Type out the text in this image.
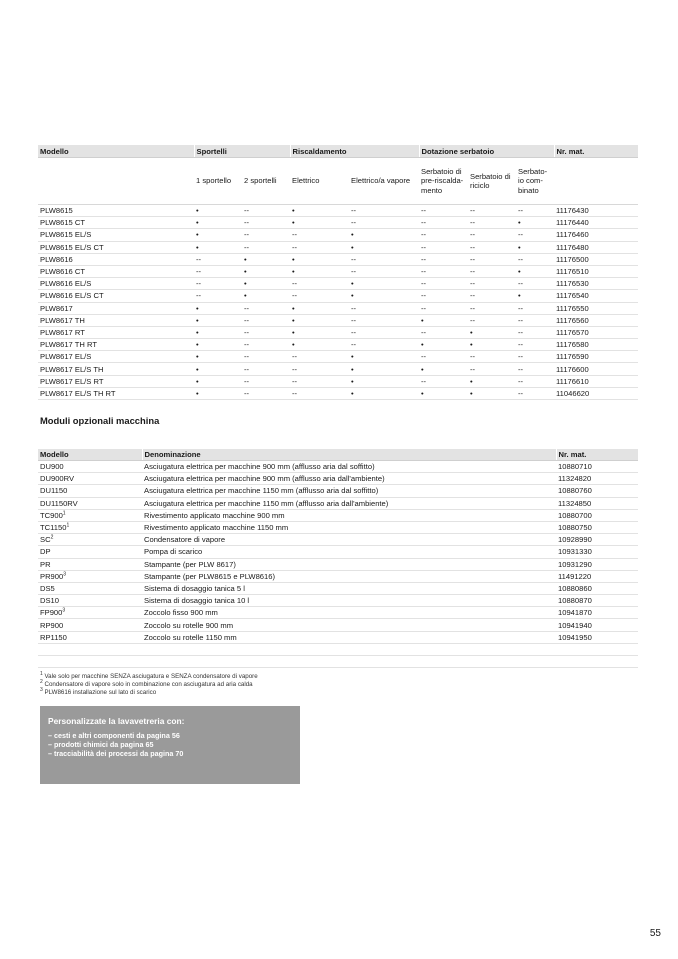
Modello	Sportelli		Riscaldamento		Dotazione serbatoio			Nr. mat.
	1 sportello	2 sportelli	Elettrico	Elettrico/a vapore	Serbatoio di pre-riscalda-mento	Serbatoio di riciclo	Serbato-io com-binato	
PLW8615	•	--	•	--	--	--	--	11176430
PLW8615 CT	•	--	•	--	--	--	•	11176440
PLW8615 EL/S	•	--	--	•	--	--	--	11176460
PLW8615 EL/S CT	•	--	--	•	--	--	•	11176480
PLW8616	--	•	•	--	--	--	--	11176500
PLW8616 CT	--	•	•	--	--	--	•	11176510
PLW8616 EL/S	--	•	--	•	--	--	--	11176530
PLW8616 EL/S CT	--	•	--	•	--	--	•	11176540
PLW8617	•	--	•	--	--	--	--	11176550
PLW8617 TH	•	--	•	--	•	--	--	11176560
PLW8617 RT	•	--	•	--	--	•	--	11176570
PLW8617 TH RT	•	--	•	--	•	•	--	11176580
PLW8617 EL/S	•	--	--	•	--	--	--	11176590
PLW8617 EL/S TH	•	--	--	•	•	--	--	11176600
PLW8617 EL/S RT	•	--	--	•	--	•	--	11176610
PLW8617 EL/S TH RT	•	--	--	•	•	•	--	11046620
Moduli opzionali macchina
Modello	Denominazione	Nr. mat.
DU900	Asciugatura elettrica per macchine 900 mm (afflusso aria dal soffitto)	10880710
DU900RV	Asciugatura elettrica per macchine 900 mm (afflusso aria dall'ambiente)	11324820
DU1150	Asciugatura elettrica per macchine 1150 mm (afflusso aria dal soffitto)	10880760
DU1150RV	Asciugatura elettrica per macchine 1150 mm (afflusso aria dall'ambiente)	11324850
$TC900^1$	Rivestimento applicato macchine 900 mm	10880700
TC1150$^1$	Rivestimento applicato macchine 1150 mm	10880750
$SC^2$	Condensatore di vapore	10928990
DP	Pompa di scarico	10931330
PR	Stampante (per PLW 8617)	10931290
$PR900^3$	Stampante (per PLW8615 e PLW8616)	11491220
DS5	Sistema di dosaggio tanica 5 l	10880860
DS10	Sistema di dosaggio tanica 10 l	10880870
$FP900^3$	Zoccolo fisso 900 mm	10941870
RP900	Zoccolo su rotelle 900 mm	10941940
RP1150	Zoccolo su rotelle 1150 mm	10941950

$^1$ Vale solo per macchine SENZA asciugatura e SENZA condensatore di vapore
$^2$ Condensatore di vapore solo in combinazione con asciugatura ad aria calda
$^3$ PLW8616 installazione sul lato di scarico
Personalizzate la lavavetreria con:
– cesti e altri componenti da pagina 56
– prodotti chimici da pagina 65
– tracciabilità dei processi da pagina 70
55
